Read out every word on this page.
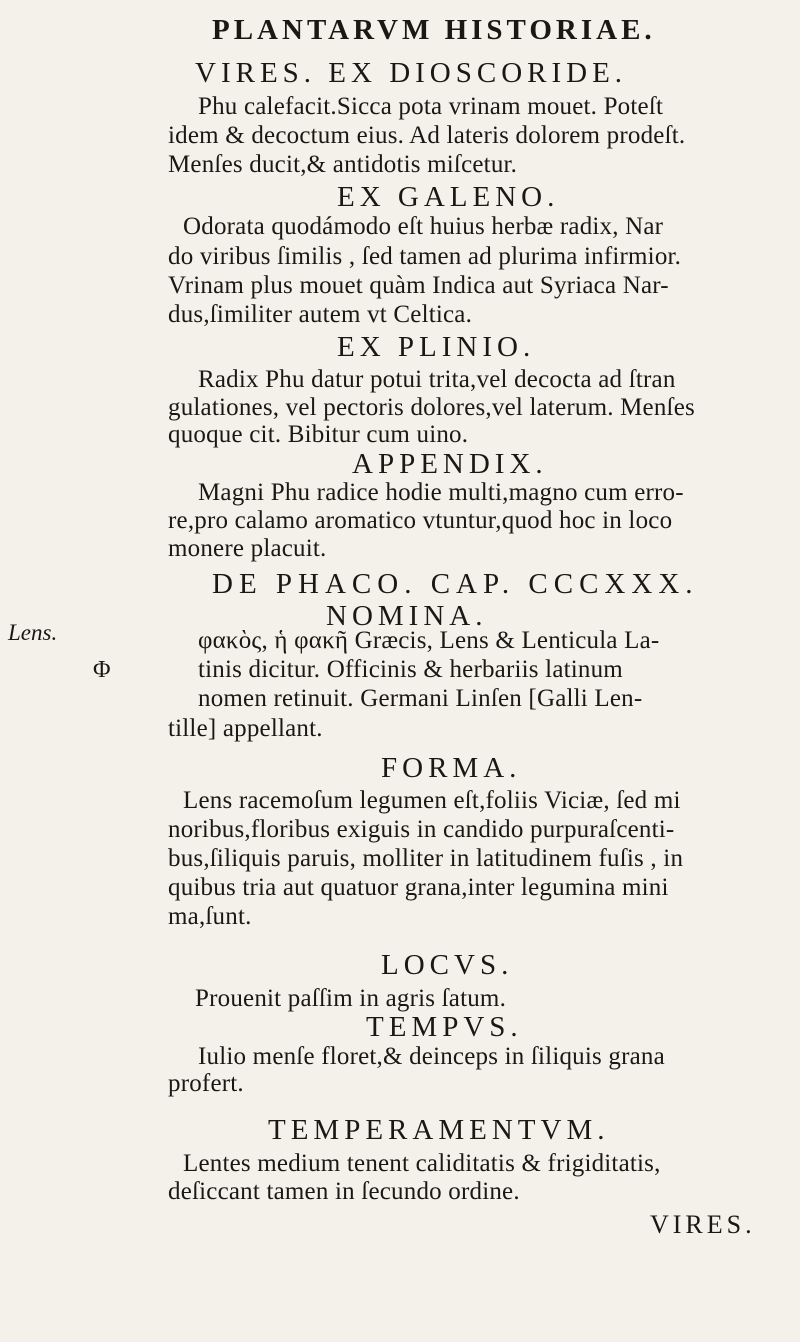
PLANTARVM HISTORIAE.
VIRES. EX DIOSCORIDE.
Phu calefacit.Sicca pota vrinam mouet. Poteſt
idem & decoctum eius. Ad lateris dolorem prodeſt.
Menſes ducit,& antidotis miſcetur.
EX GALENO.
Odorata quodámodo eſt huius herbæ radix, Nar
do viribus ſimilis , ſed tamen ad plurima infirmior.
Vrinam plus mouet quàm Indica aut Syriaca Nar-
dus,ſimiliter autem vt Celtica.
EX PLINIO.
Radix Phu datur potui trita,vel decocta ad ſtran
gulationes, vel pectoris dolores,vel laterum. Menſes
quoque cit. Bibitur cum uino.
APPENDIX.
Magni Phu radice hodie multi,magno cum erro-
re,pro calamo aromatico vtuntur,quod hoc in loco
monere placuit.
DE PHACO. CAP. CCCXXX.
NOMINA.
Lens.	φακὸς, ἡ φακῆ Græcis, Lens & Lenticula La-
Φ	tinis dicitur. Officinis & herbariis latinum
nomen retinuit. Germani Linſen [Galli Len-
tille] appellant.
FORMA.
Lens racemoſum legumen eſt,foliis Viciæ, ſed mi
noribus,floribus exiguis in candido purpuraſcenti-
bus,ſiliquis paruis, molliter in latitudinem fuſis , in
quibus tria aut quatuor grana,inter legumina mini
ma,ſunt.
LOCVS.
Prouenit paſſim in agris ſatum.
TEMPVS.
Iulio menſe floret,& deinceps in ſiliquis grana
profert.
TEMPERAMENTVM.
Lentes medium tenent caliditatis & frigiditatis,
deſiccant tamen in ſecundo ordine.
VIRES.
